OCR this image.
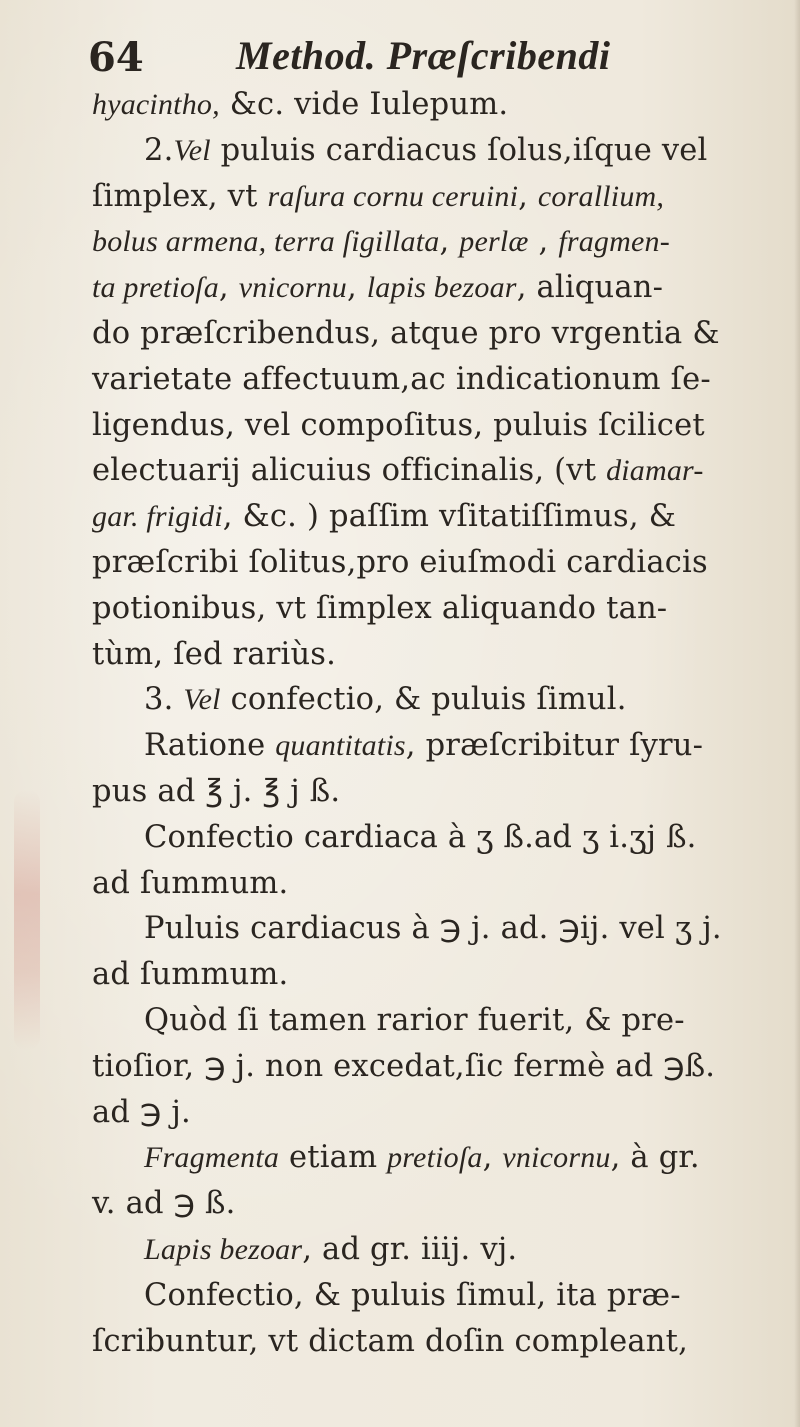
64 Method. Præſcribendi
hyacintho, &c. vide Iulepum.
2.Vel puluis cardiacus ſolus,iſque vel
ſimplex, vt raſura cornu ceruini, corallium,
bolus armena, terra ſigillata, perlæ , fragmen-
ta pretioſa, vnicornu, lapis bezoar, aliquan-
do præſcribendus, atque pro vrgentia &
varietate affectuum,ac indicationum ſe-
ligendus, vel compoſitus, puluis ſcilicet
electuarij alicuius officinalis, (vt diamar-
gar. frigidi, &c. ) paſſim vſitatiſſimus, &
præſcribi ſolitus,pro eiuſmodi cardiacis
potionibus, vt ſimplex aliquando tan-
tùm, ſed rariùs.
3. Vel confectio, & puluis ſimul.
Ratione quantitatis, præſcribitur ſyru-
pus ad ℥ j. ℥ j ß.
Confectio cardiaca à ʒ ß.ad ʒ i.ʒj ß.
ad ſummum.
Puluis cardiacus à ℈ j. ad. ℈ij. vel ʒ j.
ad ſummum.
Quòd ſi tamen rarior fuerit, & pre-
tioſior, ℈ j. non excedat,ſic fermè ad ℈ß.
ad ℈ j.
Fragmenta etiam pretioſa, vnicornu, à gr.
v. ad ℈ ß.
Lapis bezoar, ad gr. iiij. vj.
Confectio, & puluis ſimul, ita præ-
ſcribuntur, vt dictam doſin compleant,
